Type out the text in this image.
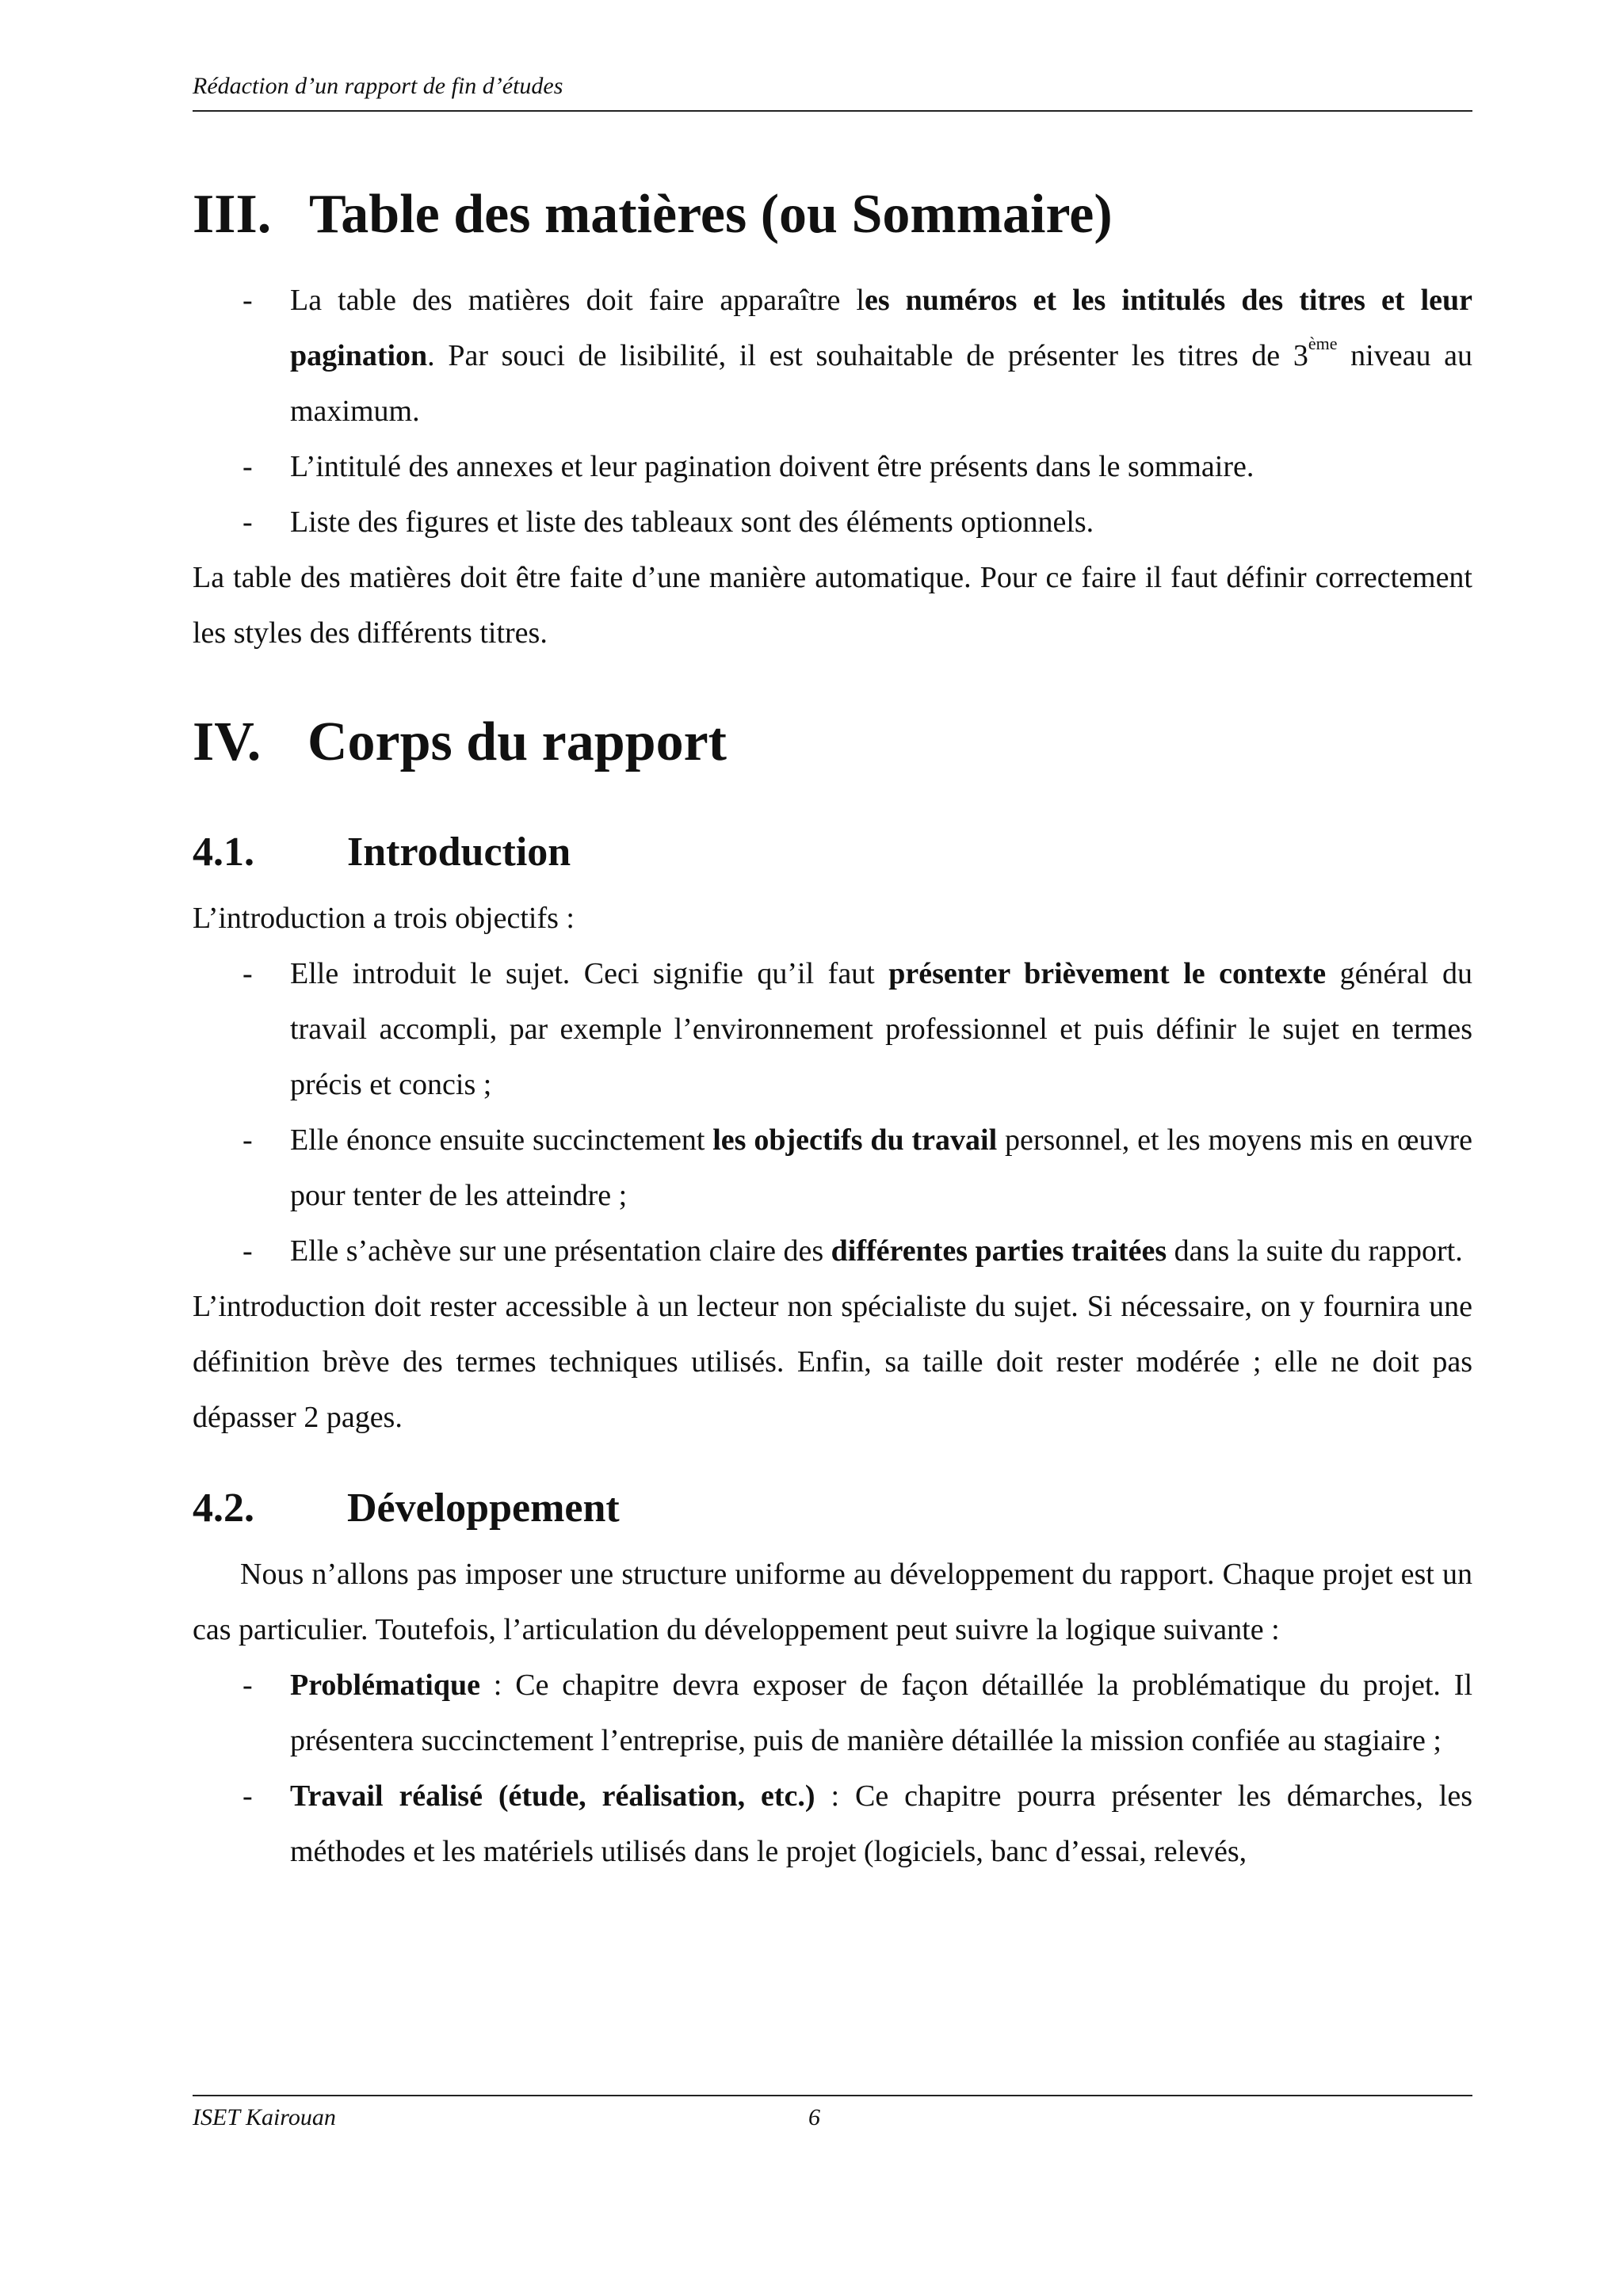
Rédaction d’un rapport de fin d’études
III. Table des matières (ou Sommaire)
- La table des matières doit faire apparaître les numéros et les intitulés des titres et leur pagination. Par souci de lisibilité, il est souhaitable de présenter les titres de 3ème niveau au maximum.
- L’intitulé des annexes et leur pagination doivent être présents dans le sommaire.
- Liste des figures et liste des tableaux sont des éléments optionnels.

La table des matières doit être faite d’une manière automatique. Pour ce faire il faut définir correctement les styles des différents titres.

IV. Corps du rapport
4.1.	Introduction

L’introduction a trois objectifs :

- Elle introduit le sujet. Ceci signifie qu’il faut présenter brièvement le contexte général du travail accompli, par exemple l’environnement professionnel et puis définir le sujet en termes précis et concis ;
- Elle énonce ensuite succinctement les objectifs du travail personnel, et les moyens mis en œuvre pour tenter de les atteindre ;
- Elle s’achève sur une présentation claire des différentes parties traitées dans la suite du rapport.

L’introduction doit rester accessible à un lecteur non spécialiste du sujet. Si nécessaire, on y fournira une définition brève des termes techniques utilisés. Enfin, sa taille doit rester modérée ; elle ne doit pas dépasser 2 pages.

4.2.	Développement

Nous n’allons pas imposer une structure uniforme au développement du rapport. Chaque projet est un cas particulier. Toutefois, l’articulation du développement peut suivre la logique suivante :

- Problématique : Ce chapitre devra exposer de façon détaillée la problématique du projet. Il présentera succinctement l’entreprise, puis de manière détaillée la mission confiée au stagiaire ;
- Travail réalisé (étude, réalisation, etc.) : Ce chapitre pourra présenter les démarches, les méthodes et les matériels utilisés dans le projet (logiciels, banc d’essai, relevés,
ISET Kairouan	6
